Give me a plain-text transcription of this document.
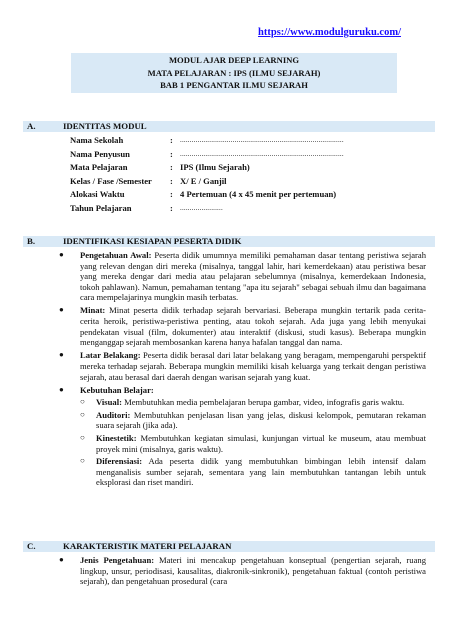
https://www.modulguruku.com/
MODUL AJAR DEEP LEARNING
MATA PELAJARAN : IPS (ILMU SEJARAH)
BAB 1 PENGANTAR ILMU SEJARAH
A.	IDENTITAS MODUL
Nama Sekolah	:	....................................................................................
Nama Penyusun	:	....................................................................................
Mata Pelajaran	: IPS (Ilmu Sejarah)
Kelas / Fase /Semester	: X/ E / Ganjil
Alokasi Waktu	: 4 Pertemuan (4 x 45 menit per pertemuan)
Tahun Pelajaran	:	......................
B.	IDENTIFIKASI KESIAPAN PESERTA DIDIK
● Pengetahuan Awal: Peserta didik umumnya memiliki pemahaman dasar tentang peristiwa sejarah yang relevan dengan diri mereka (misalnya, tanggal lahir, hari kemerdekaan) atau peristiwa besar yang mereka dengar dari media atau pelajaran sebelumnya (misalnya, kemerdekaan Indonesia, tokoh pahlawan). Namun, pemahaman tentang "apa itu sejarah" sebagai sebuah ilmu dan bagaimana cara mempelajarinya mungkin masih terbatas.
● Minat: Minat peserta didik terhadap sejarah bervariasi. Beberapa mungkin tertarik pada cerita-cerita heroik, peristiwa-peristiwa penting, atau tokoh sejarah. Ada juga yang lebih menyukai pendekatan visual (film, dokumenter) atau interaktif (diskusi, studi kasus). Beberapa mungkin menganggap sejarah membosankan karena hanya hafalan tanggal dan nama.
● Latar Belakang: Peserta didik berasal dari latar belakang yang beragam, mempengaruhi perspektif mereka terhadap sejarah. Beberapa mungkin memiliki kisah keluarga yang terkait dengan peristiwa sejarah, atau berasal dari daerah dengan warisan sejarah yang kuat.
● Kebutuhan Belajar:
○ Visual: Membutuhkan media pembelajaran berupa gambar, video, infografis garis waktu.
○ Auditori: Membutuhkan penjelasan lisan yang jelas, diskusi kelompok, pemutaran rekaman suara sejarah (jika ada).
○ Kinestetik: Membutuhkan kegiatan simulasi, kunjungan virtual ke museum, atau membuat proyek mini (misalnya, garis waktu).
○ Diferensiasi: Ada peserta didik yang membutuhkan bimbingan lebih intensif dalam menganalisis sumber sejarah, sementara yang lain membutuhkan tantangan lebih untuk eksplorasi dan riset mandiri.
C.	KARAKTERISTIK MATERI PELAJARAN
● Jenis Pengetahuan: Materi ini mencakup pengetahuan konseptual (pengertian sejarah, ruang lingkup, unsur, periodisasi, kausalitas, diakronik-sinkronik), pengetahuan faktual (contoh peristiwa sejarah), dan pengetahuan prosedural (cara
